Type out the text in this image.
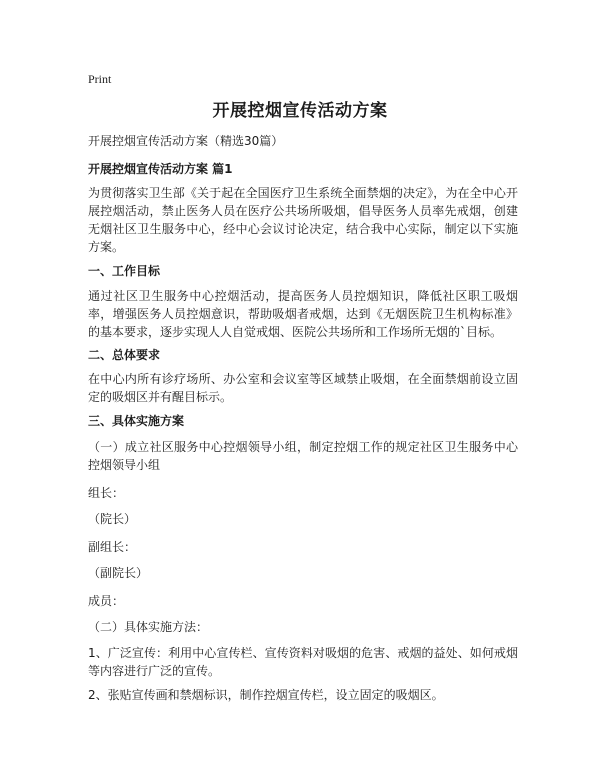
Print
开展控烟宣传活动方案
开展控烟宣传活动方案（精选30篇）
开展控烟宣传活动方案 篇1
为贯彻落实卫生部《关于起在全国医疗卫生系统全面禁烟的决定》，为在全中心开展控烟活动，禁止医务人员在医疗公共场所吸烟，倡导医务人员率先戒烟，创建无烟社区卫生服务中心，经中心会议讨论决定，结合我中心实际，制定以下实施方案。
一、工作目标
通过社区卫生服务中心控烟活动，提高医务人员控烟知识，降低社区职工吸烟率，增强医务人员控烟意识，帮助吸烟者戒烟，达到《无烟医院卫生机构标准》的基本要求，逐步实现人人自觉戒烟、医院公共场所和工作场所无烟的`目标。
二、总体要求
在中心内所有诊疗场所、办公室和会议室等区域禁止吸烟，在全面禁烟前设立固定的吸烟区并有醒目标示。
三、具体实施方案
（一）成立社区服务中心控烟领导小组，制定控烟工作的规定社区卫生服务中心控烟领导小组
组长：
（院长）
副组长：
（副院长）
成员：
（二）具体实施方法：
1、广泛宣传：利用中心宣传栏、宣传资料对吸烟的危害、戒烟的益处、如何戒烟等内容进行广泛的宣传。
2、张贴宣传画和禁烟标识，制作控烟宣传栏，设立固定的吸烟区。
